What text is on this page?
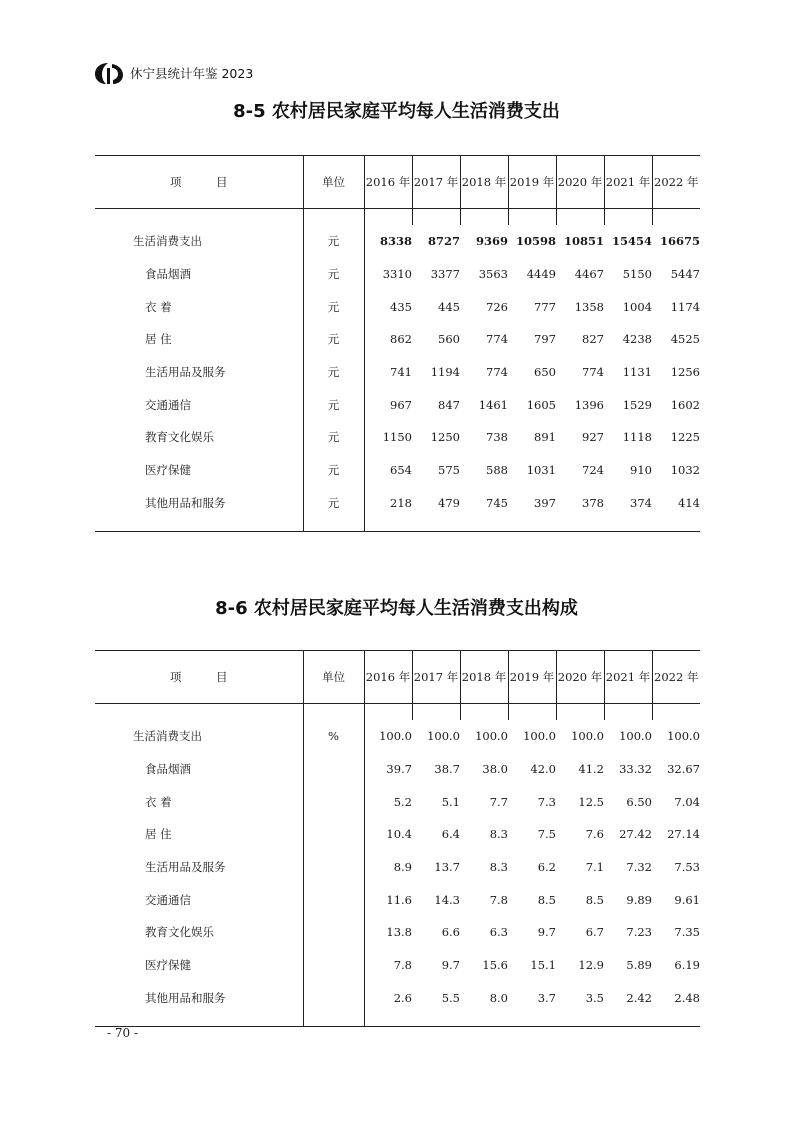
休宁县统计年鉴 2023
8-5 农村居民家庭平均每人生活消费支出
项　　　目	单位	2016 年	2017 年	2018 年	2019 年	2020 年	2021 年	2022 年

生活消费支出	元	8338	8727	9369	10598	10851	15454	16675
食品烟酒	元	3310	3377	3563	4449	4467	5150	5447
衣 着	元	435	445	726	777	1358	1004	1174
居 住	元	862	560	774	797	827	4238	4525
生活用品及服务	元	741	1194	774	650	774	1131	1256
交通通信	元	967	847	1461	1605	1396	1529	1602
教育文化娱乐	元	1150	1250	738	891	927	1118	1225
医疗保健	元	654	575	588	1031	724	910	1032
其他用品和服务	元	218	479	745	397	378	374	414

8-6 农村居民家庭平均每人生活消费支出构成
项　　　目	单位	2016 年	2017 年	2018 年	2019 年	2020 年	2021 年	2022 年

生活消费支出	%	100.0	100.0	100.0	100.0	100.0	100.0	100.0
食品烟酒		39.7	38.7	38.0	42.0	41.2	33.32	32.67
衣 着		5.2	5.1	7.7	7.3	12.5	6.50	7.04
居 住		10.4	6.4	8.3	7.5	7.6	27.42	27.14
生活用品及服务		8.9	13.7	8.3	6.2	7.1	7.32	7.53
交通通信		11.6	14.3	7.8	8.5	8.5	9.89	9.61
教育文化娱乐		13.8	6.6	6.3	9.7	6.7	7.23	7.35
医疗保健		7.8	9.7	15.6	15.1	12.9	5.89	6.19
其他用品和服务		2.6	5.5	8.0	3.7	3.5	2.42	2.48

- 70 -
